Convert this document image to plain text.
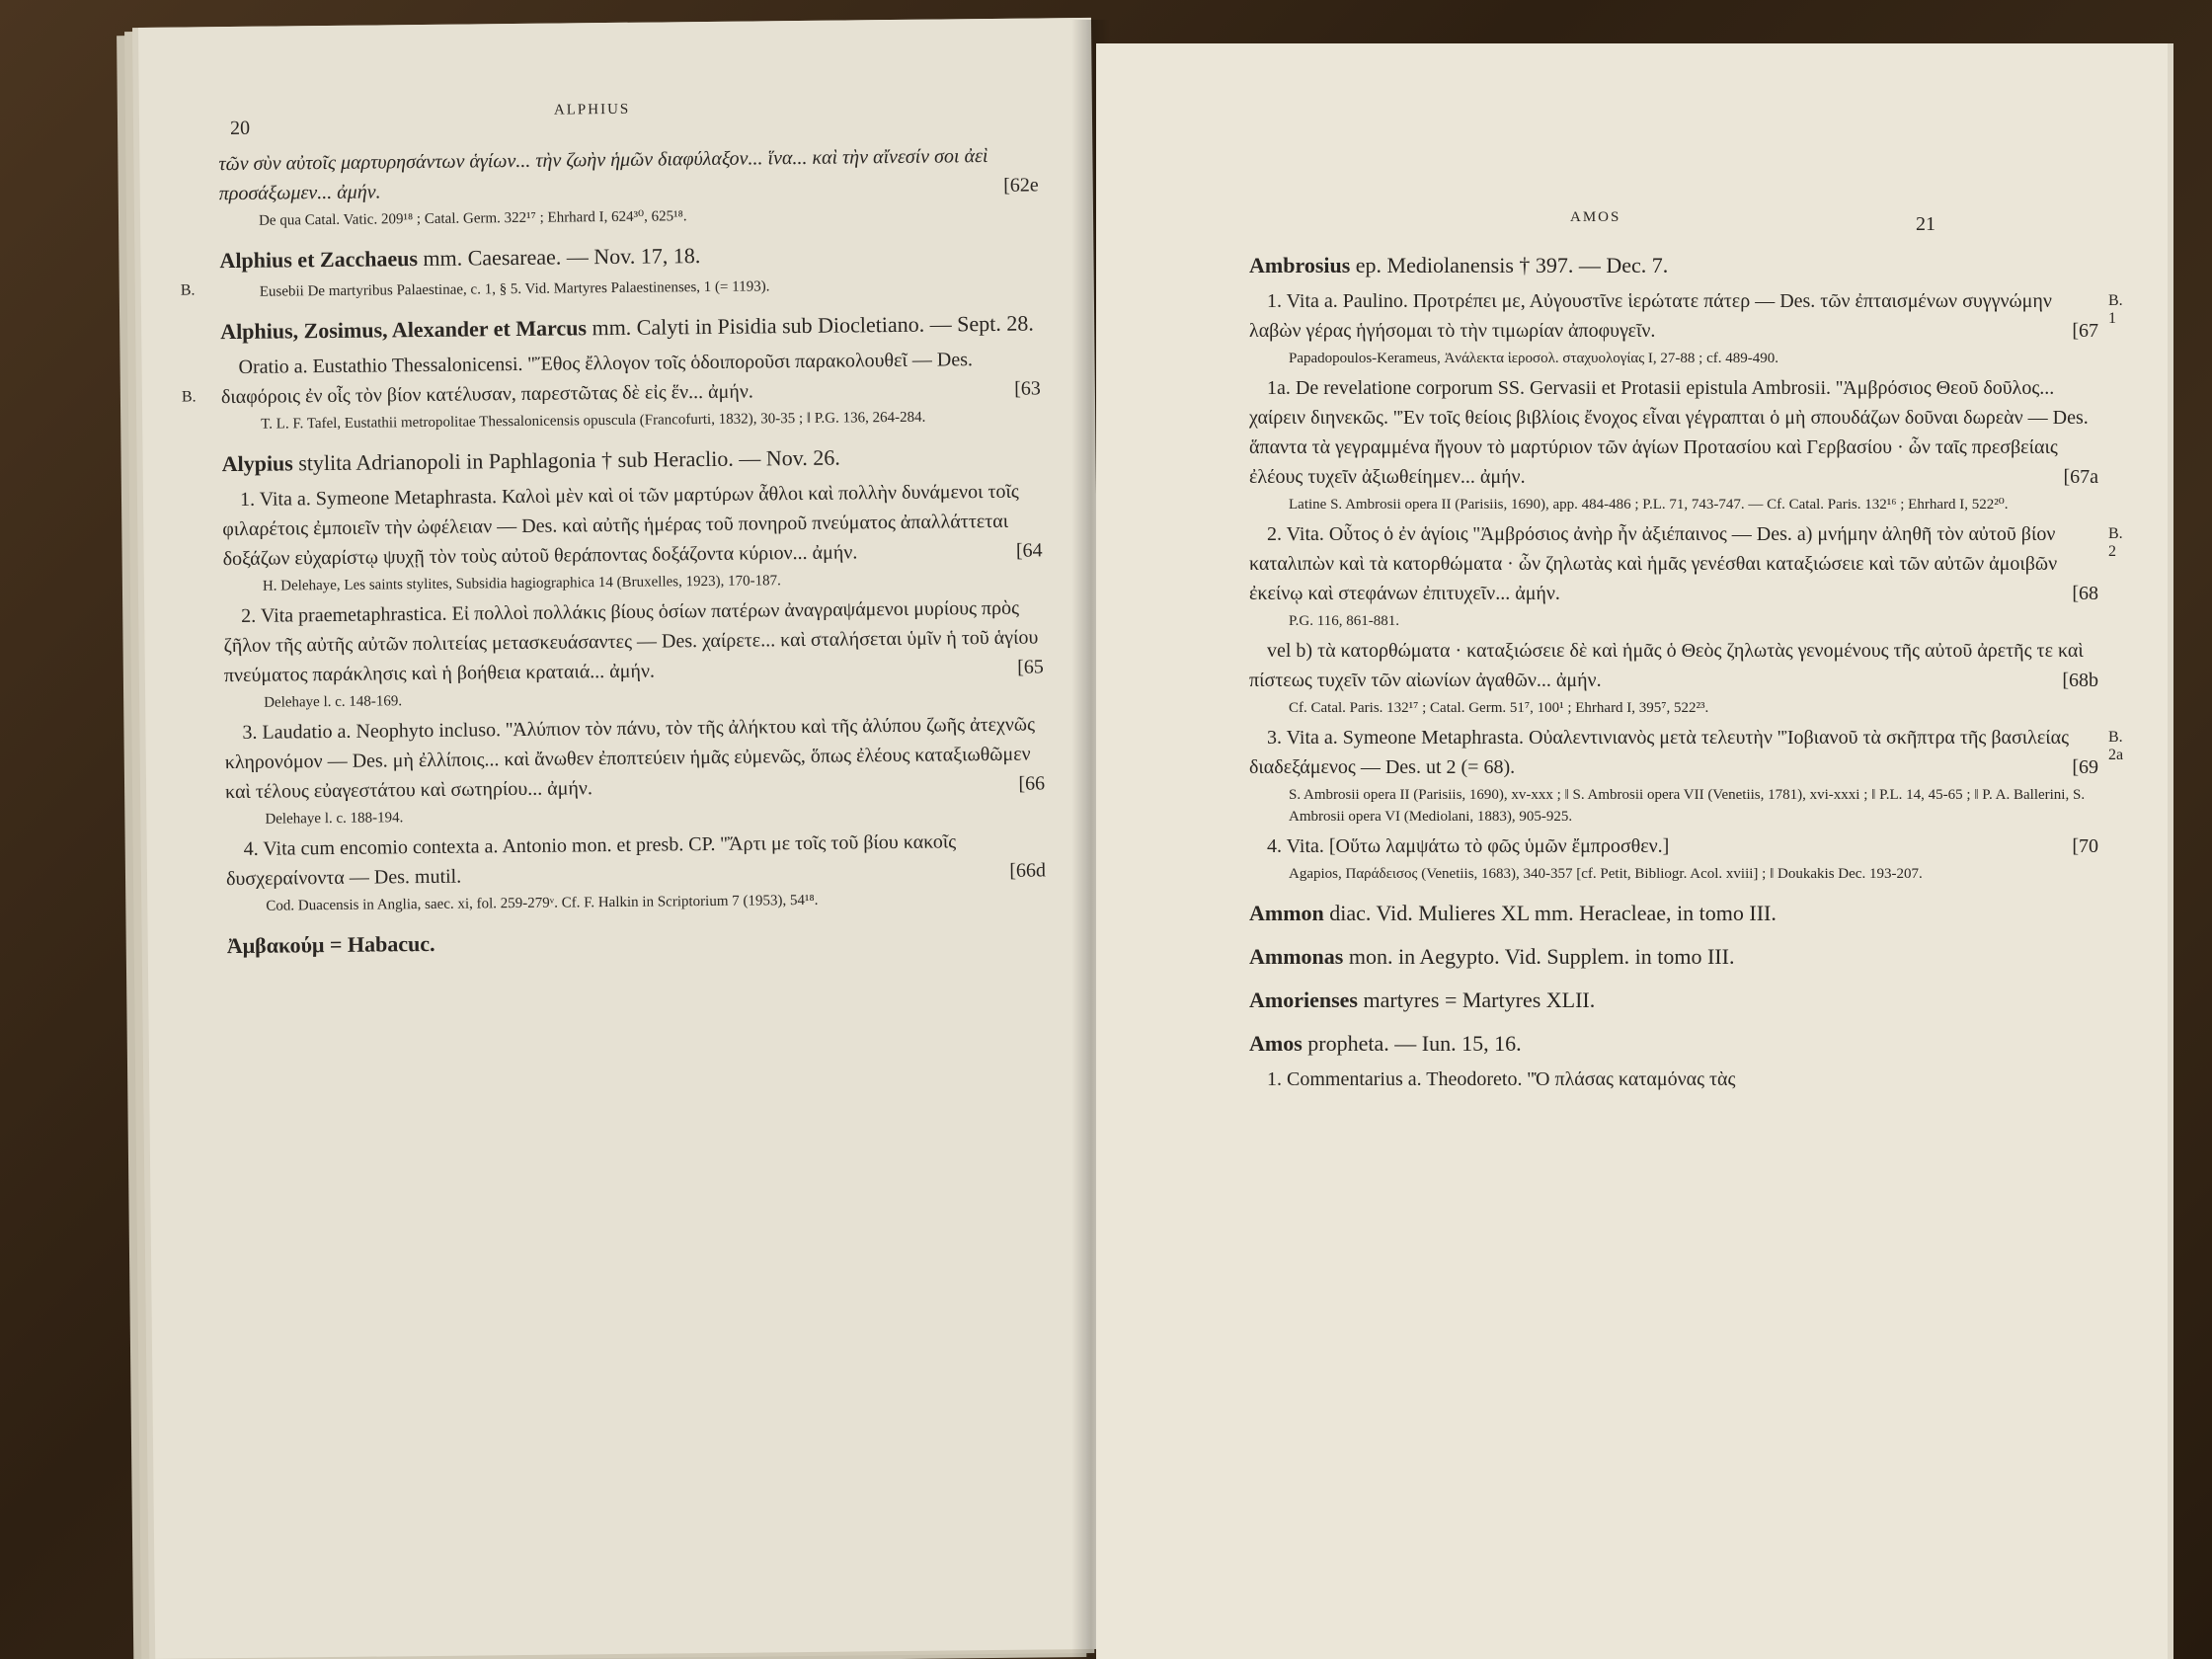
20
ALPHIUS
τῶν σὺν αὐτοῖς μαρτυρησάντων ἁγίων... τὴν ζωὴν ἡμῶν διαφύλαξον... ἵνα... καὶ τὴν αἴνεσίν σοι ἀεὶ προσάξωμεν... ἀμήν.	[62e
De qua Catal. Vatic. 209¹⁸ ; Catal. Germ. 322¹⁷ ; Ehrhard I, 624³⁰, 625¹⁸.
Alphius et Zacchaeus mm. Caesareae. — Nov. 17, 18.
B.	Eusebii De martyribus Palaestinae, c. 1, § 5. Vid. Martyres Palaestinenses, 1 (= 1193).
Alphius, Zosimus, Alexander et Marcus mm. Calyti in Pisidia sub Diocletiano. — Sept. 28.
B.
Oratio a. Eustathio Thessalonicensi. ''Ἔθος ἔλλογον τοῖς ὁδοιποροῦσι παρακολουθεῖ — Des. διαφόροις ἐν οἷς τὸν βίον κατέλυσαν, παρεστῶτας δὲ εἰς ἕν... ἀμήν.	[63
T. L. F. Tafel, Eustathii metropolitae Thessalonicensis opuscula (Francofurti, 1832), 30-35 ; ‖ P.G. 136, 264-284.
Alypius stylita Adrianopoli in Paphlagonia † sub Heraclio. — Nov. 26.
1. Vita a. Symeone Metaphrasta. Καλοὶ μὲν καὶ οἱ τῶν μαρτύρων ἆθλοι καὶ πολλὴν δυνάμενοι τοῖς φιλαρέτοις ἐμποιεῖν τὴν ὠφέλειαν — Des. καὶ αὐτῆς ἡμέρας τοῦ πονηροῦ πνεύματος ἀπαλλάττεται δοξάζων εὐχαρίστῳ ψυχῇ τὸν τοὺς αὐτοῦ θεράποντας δοξάζοντα κύριον... ἀμήν.	[64
H. Delehaye, Les saints stylites, Subsidia hagiographica 14 (Bruxelles, 1923), 170-187.
2. Vita praemetaphrastica. Εἰ πολλοὶ πολλάκις βίους ὁσίων πατέρων ἀναγραψάμενοι μυρίους πρὸς ζῆλον τῆς αὐτῆς αὐτῶν πολιτείας μετασκευάσαντες — Des. χαίρετε... καὶ σταλήσεται ὑμῖν ἡ τοῦ ἁγίου πνεύματος παράκλησις καὶ ἡ βοήθεια κραταιά... ἀμήν.	[65
Delehaye l. c. 148-169.
3. Laudatio a. Neophyto incluso. ''Ἀλύπιον τὸν πάνυ, τὸν τῆς ἀλήκτου καὶ τῆς ἀλύπου ζωῆς ἀτεχνῶς κληρονόμον — Des. μὴ ἐλλίποις... καὶ ἄνωθεν ἐποπτεύειν ἡμᾶς εὐμενῶς, ὅπως ἐλέους καταξιωθῶμεν καὶ τέλους εὐαγεστάτου καὶ σωτηρίου... ἀμήν.	[66
Delehaye l. c. 188-194.
4. Vita cum encomio contexta a. Antonio mon. et presb. CP. ''Ἄρτι με τοῖς τοῦ βίου κακοῖς δυσχεραίνοντα — Des. mutil.	[66d
Cod. Duacensis in Anglia, saec. xi, fol. 259-279ᵛ. Cf. F. Halkin in Scriptorium 7 (1953), 54¹⁸.
Ἀμβακούμ = Habacuc.
AMOS	21
Ambrosius ep. Mediolanensis † 397. — Dec. 7.
B. 1
1. Vita a. Paulino. Προτρέπει με, Αὐγουστῖνε ἱερώτατε πάτερ — Des. τῶν ἐπταισμένων συγγνώμην λαβὼν γέρας ἡγήσομαι τὸ τὴν τιμωρίαν ἀποφυγεῖν.	[67
Papadopoulos-Kerameus, Ἀνάλεκτα ἱεροσολ. σταχυολογίας I, 27-88 ; cf. 489-490.
1a. De revelatione corporum SS. Gervasii et Protasii epistula Ambrosii. ''Ἀμβρόσιος Θεοῦ δοῦλος... χαίρειν διηνεκῶς. ''Ἐν τοῖς θείοις βιβλίοις ἔνοχος εἶναι γέγραπται ὁ μὴ σπουδάζων δοῦναι δωρεὰν — Des. ἅπαντα τὰ γεγραμμένα ἤγουν τὸ μαρτύριον τῶν ἁγίων Προτασίου καὶ Γερβασίου · ὧν ταῖς πρεσβείαις ἐλέους τυχεῖν ἀξιωθείημεν... ἀμήν.	[67a
Latine S. Ambrosii opera II (Parisiis, 1690), app. 484-486 ; P.L. 71, 743-747. — Cf. Catal. Paris. 132¹⁶ ; Ehrhard I, 522²⁰.
B. 2
2. Vita. Οὗτος ὁ ἐν ἁγίοις ''Ἀμβρόσιος ἀνὴρ ἦν ἀξιέπαινος — Des. a) μνήμην ἀληθῆ τὸν αὐτοῦ βίον καταλιπὼν καὶ τὰ κατορθώματα · ὧν ζηλωτὰς καὶ ἡμᾶς γενέσθαι καταξιώσειε καὶ τῶν αὐτῶν ἀμοιβῶν ἐκείνῳ καὶ στεφάνων ἐπιτυχεῖν... ἀμήν.	[68
P.G. 116, 861-881.
vel b) τὰ κατορθώματα · καταξιώσειε δὲ καὶ ἡμᾶς ὁ Θεὸς ζηλωτὰς γενομένους τῆς αὐτοῦ ἀρετῆς τε καὶ πίστεως τυχεῖν τῶν αἰωνίων ἀγαθῶν... ἀμήν.	[68b
Cf. Catal. Paris. 132¹⁷ ; Catal. Germ. 51⁷, 100¹ ; Ehrhard I, 395⁷, 522²³.
B. 2a
3. Vita a. Symeone Metaphrasta. Οὐαλεντινιανὸς μετὰ τελευτὴν ''Ἰοβιανοῦ τὰ σκῆπτρα τῆς βασιλείας διαδεξάμενος — Des. ut 2 (= 68).	[69
S. Ambrosii opera II (Parisiis, 1690), xv-xxx ; ‖ S. Ambrosii opera VII (Venetiis, 1781), xvi-xxxi ; ‖ P.L. 14, 45-65 ; ‖ P. A. Ballerini, S. Ambrosii opera VI (Mediolani, 1883), 905-925.
4. Vita. [Οὕτω λαμψάτω τὸ φῶς ὑμῶν ἔμπροσθεν.]	[70
Agapios, Παράδεισος (Venetiis, 1683), 340-357 [cf. Petit, Bibliogr. Acol. xviii] ; ‖ Doukakis Dec. 193-207.
Ammon diac. Vid. Mulieres XL mm. Heracleae, in tomo III.
Ammonas mon. in Aegypto. Vid. Supplem. in tomo III.
Amorienses martyres = Martyres XLII.
Amos propheta. — Iun. 15, 16.
1. Commentarius a. Theodoreto. ''Ὁ πλάσας καταμόνας τὰς
